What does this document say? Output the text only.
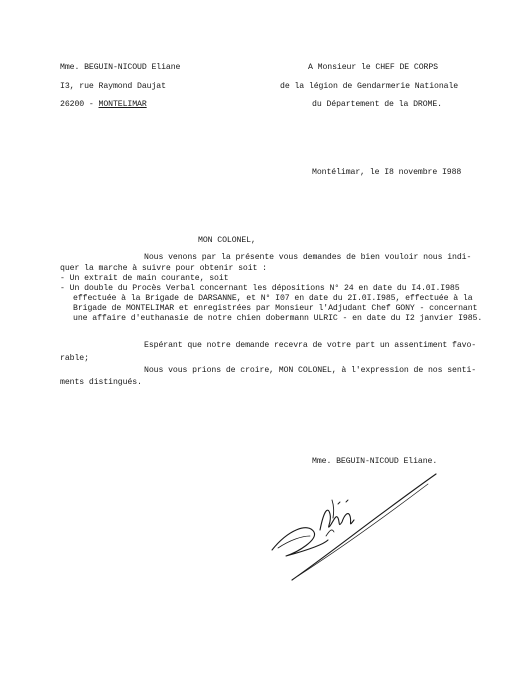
Mme. BEGUIN-NICOUD Eliane
I3, rue Raymond Daujat
26200 - MONTELIMAR
A Monsieur le CHEF DE CORPS
de la légion de Gendarmerie Nationale
du Département de la DROME.
Montélimar, le I8 novembre I988
MON COLONEL,
Nous venons par la présente vous demandes de bien vouloir nous indi-
quer la marche à suivre pour obtenir soit :
- Un extrait de main courante, soit
- Un double du Procès Verbal concernant les dépositions N° 24 en date du I4.0I.I985
effectuée à la Brigade de DARSANNE, et N° I07 en date du 2I.0I.I985, effectuée à la
Brigade de MONTELIMAR et enregistrées par Monsieur l'Adjudant Chef GONY - concernant
une affaire d'euthanasie de notre chien dobermann ULRIC - en date du I2 janvier I985.
Espérant que notre demande recevra de votre part un assentiment favo-
rable;
Nous vous prions de croire, MON COLONEL, à l'expression de nos senti-
ments distingués.
Mme. BEGUIN-NICOUD Eliane.
